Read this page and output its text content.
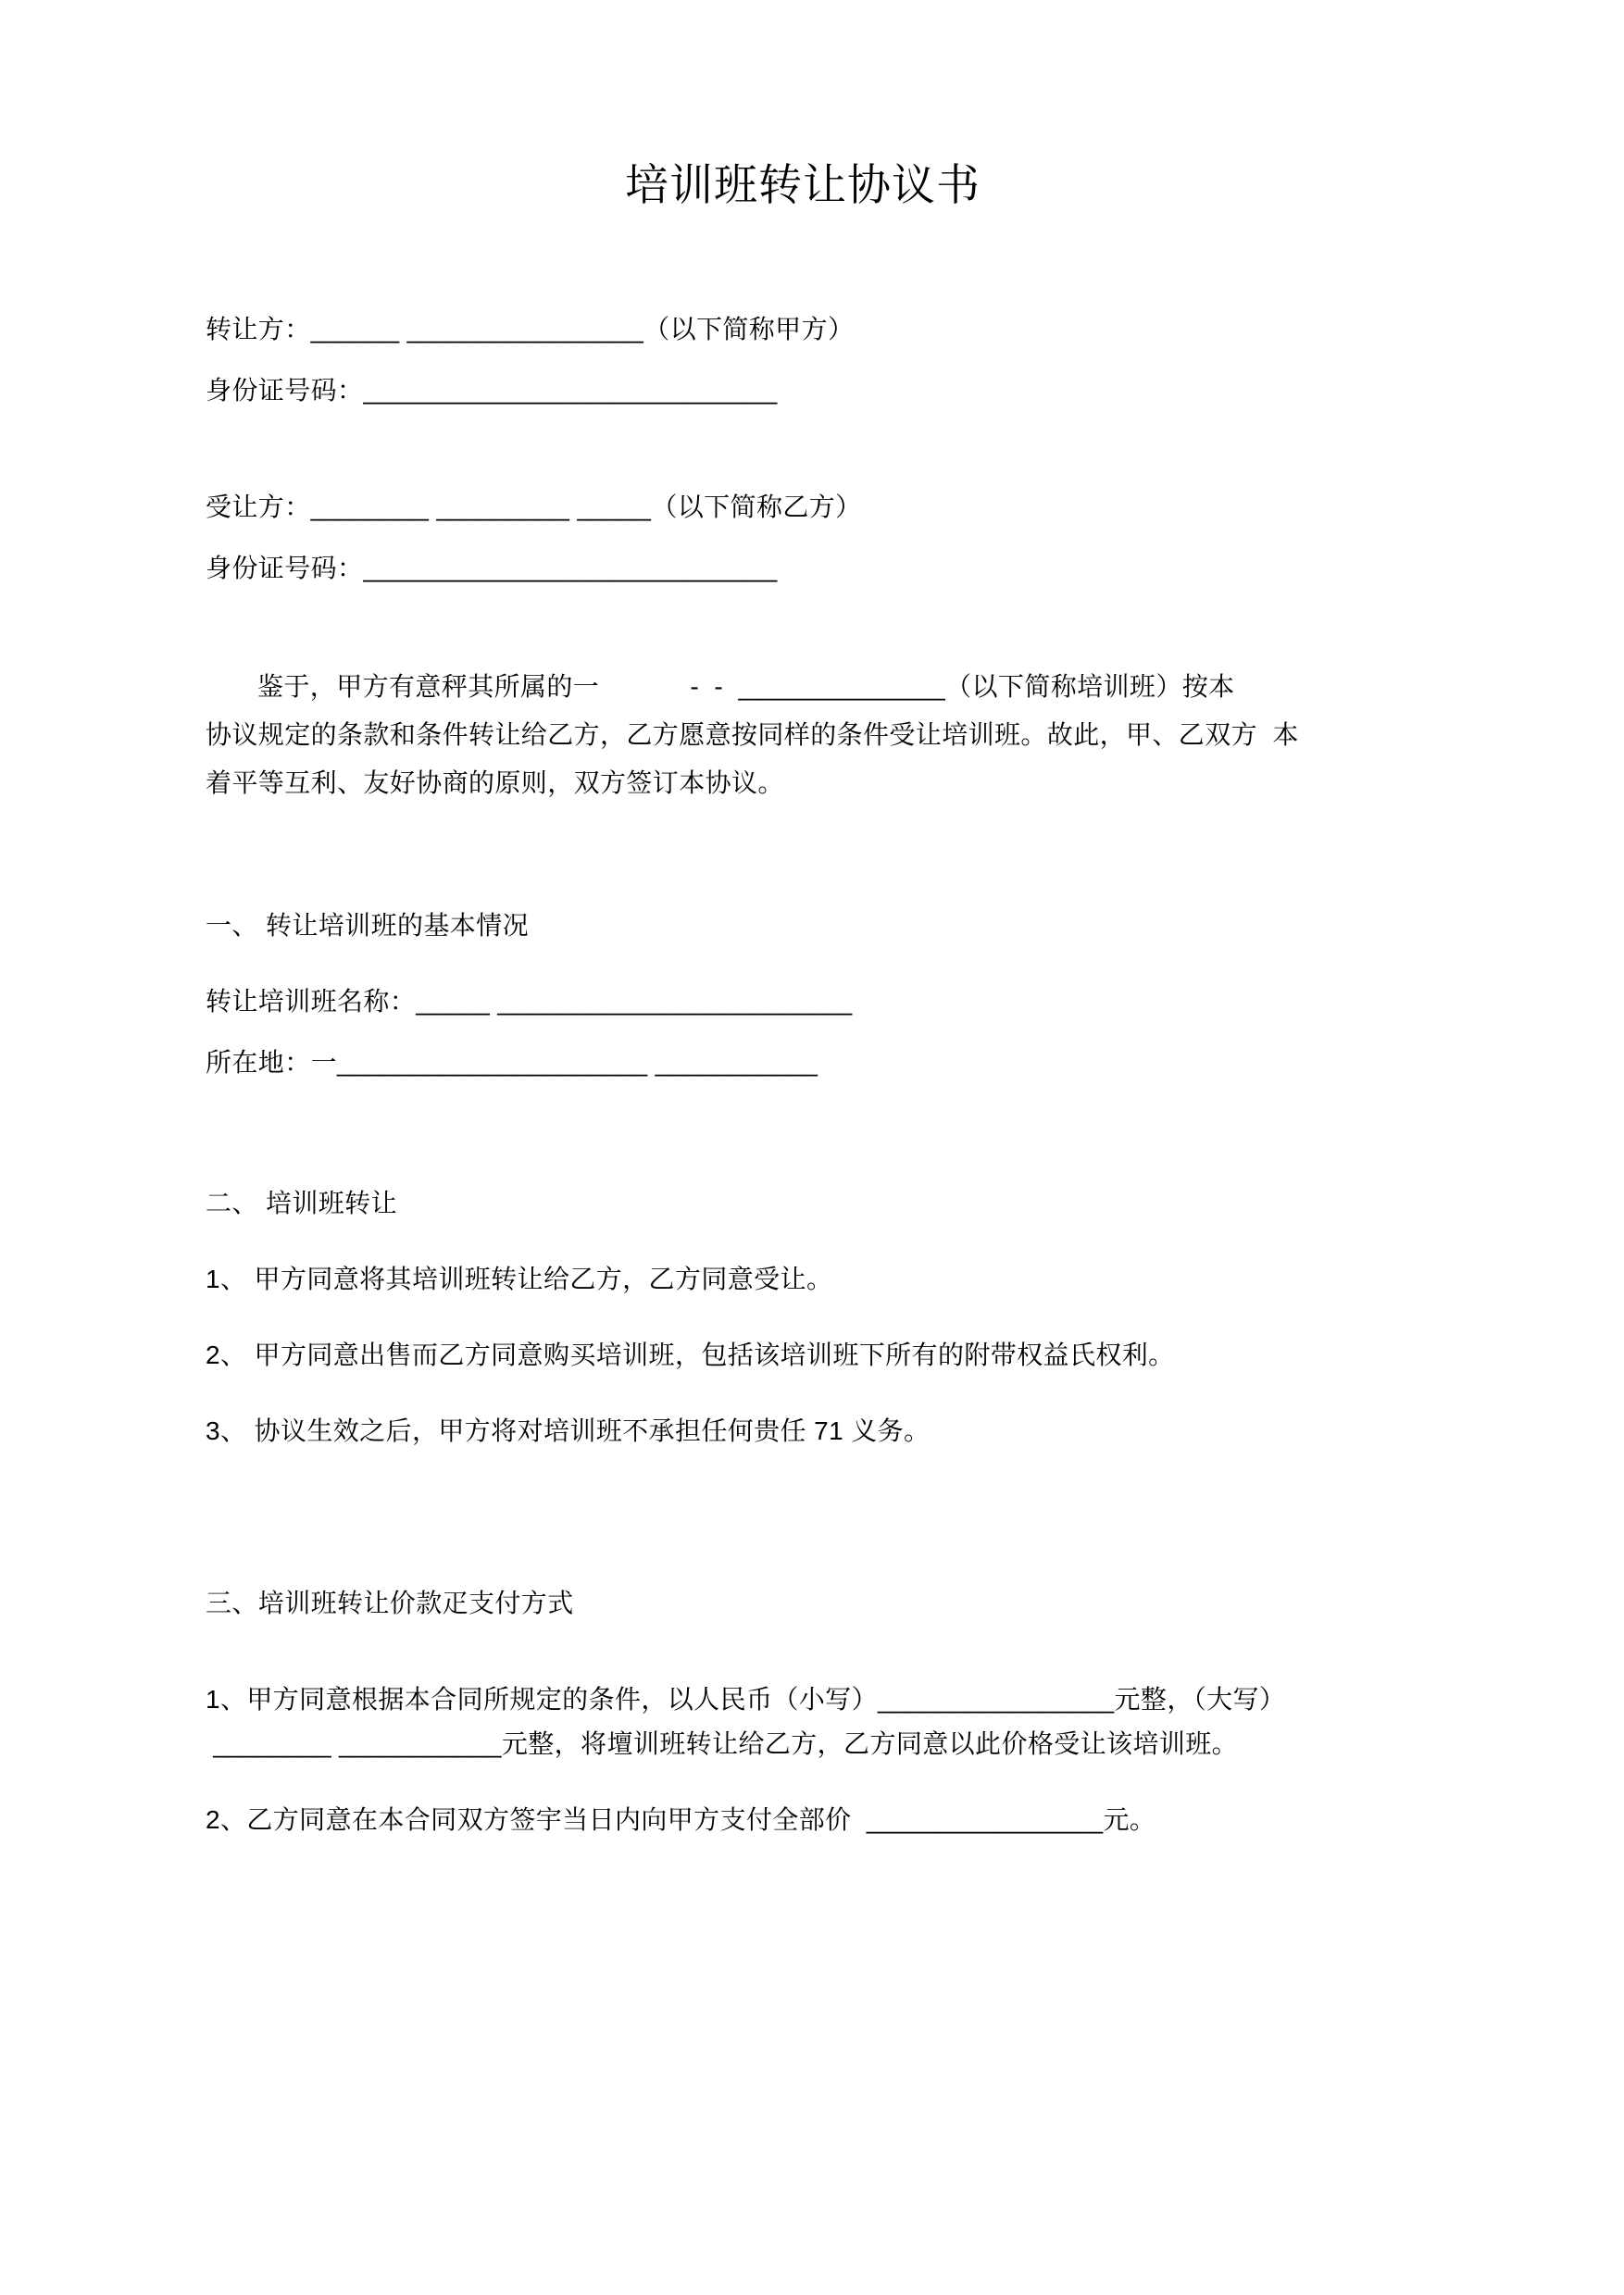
培训班转让协议书
转让方：______ ________________（以下简称甲方）
身份证号码：____________________________
受让方：________ _________ _____（以下简称乙方）
身份证号码：____________________________
鉴于，甲方有意秤其所属的一            -  -  ______________（以下简称培训班）按本
协议规定的条款和条件转让给乙方，乙方愿意按同样的条件受让培训班。故此，甲、乙双方  本
着平等互利、友好协商的原则，双方签订本协议。
一、 转让培训班的基本情况
转让培训班名称：_____ ________________________
所在地：一_____________________ ___________
二、 培训班转让
1、 甲方同意将其培训班转让给乙方，乙方同意受让。
2、 甲方同意出售而乙方同意购买培训班，包括该培训班下所有的附带权益氏权利。
3、 协议生效之后，甲方将对培训班不承担任何贵任 71 义务。
三、培训班转让价款疋支付方式
1、甲方同意根据本合同所规定的条件，以人民币（小写）________________元整，（大写）
________ ___________元整，将壇训班转让给乙方，乙方同意以此价格受让该培训班。
2、乙方同意在本合同双方签宇当日内向甲方支付全部价  ________________元。
